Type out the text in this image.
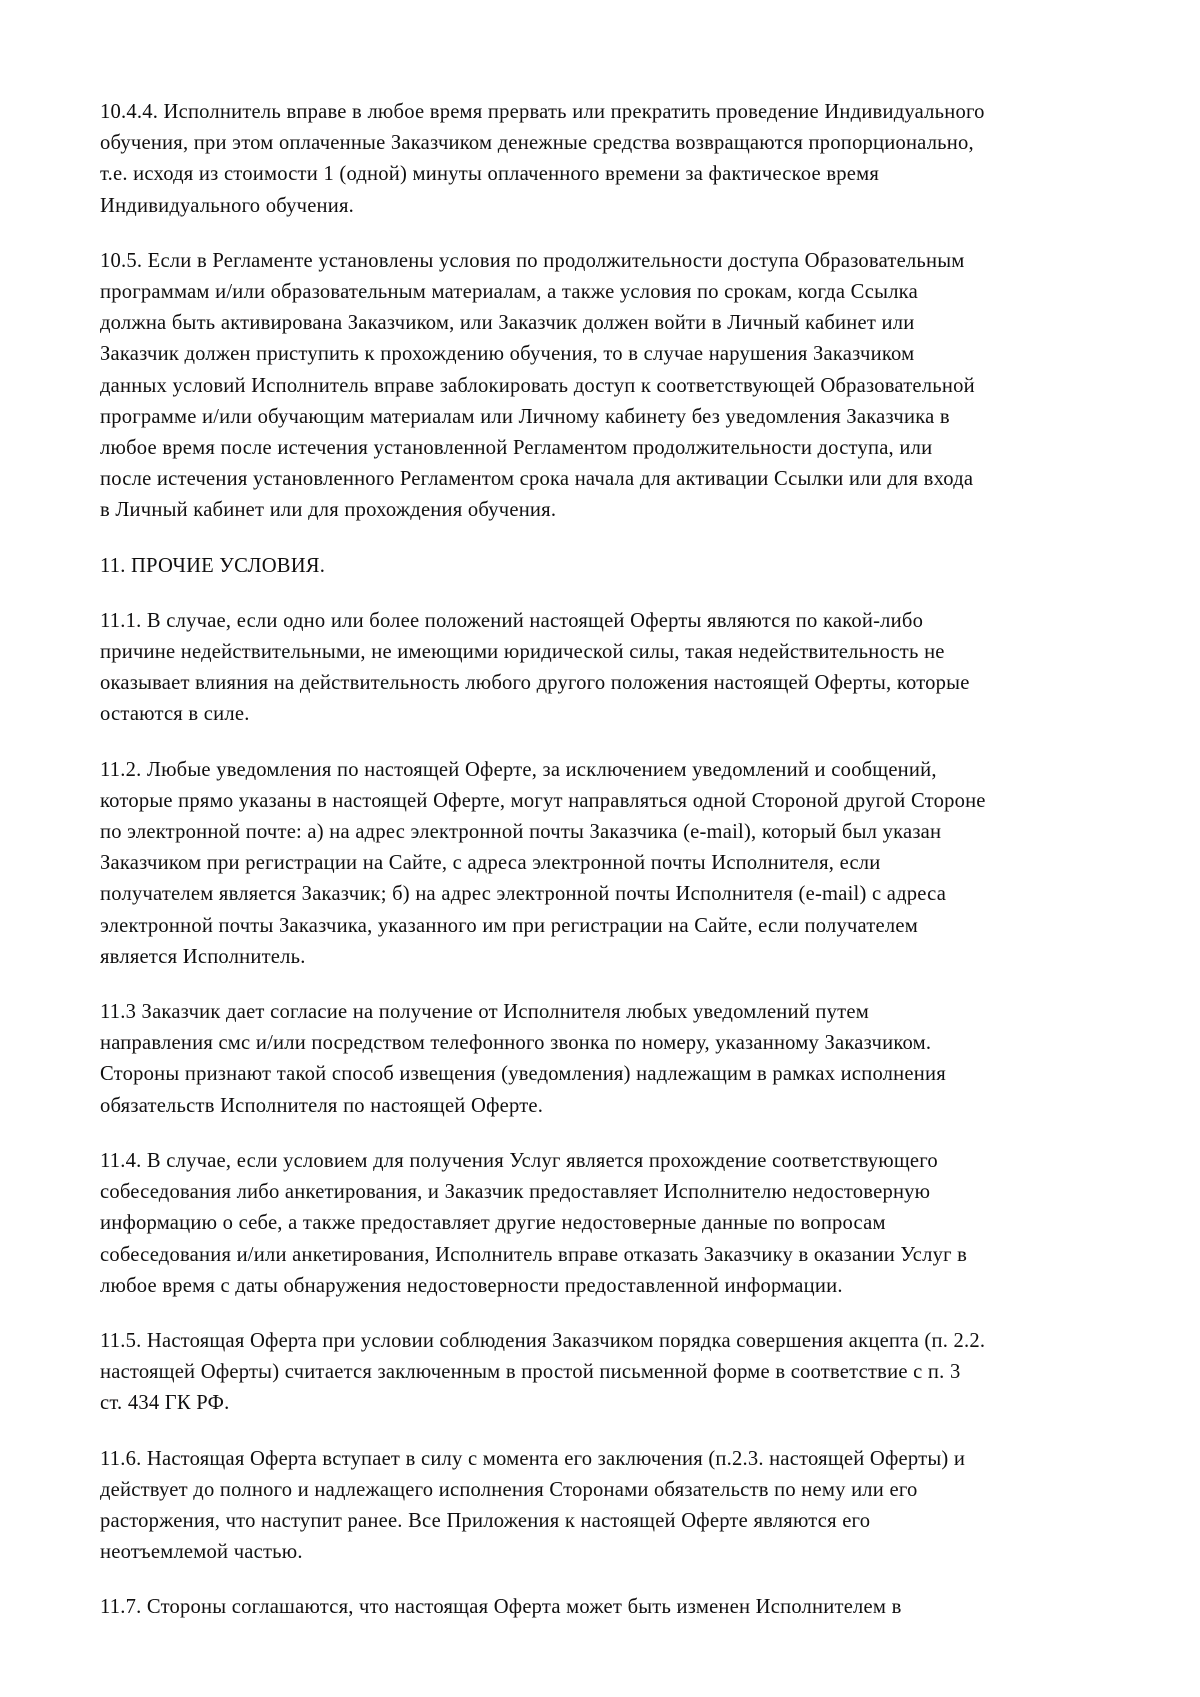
10.4.4. Исполнитель вправе в любое время прервать или прекратить проведение Индивидуального обучения, при этом оплаченные Заказчиком денежные средства возвращаются пропорционально, т.е. исходя из стоимости 1 (одной) минуты оплаченного времени за фактическое время Индивидуального обучения.

10.5. Если в Регламенте установлены условия по продолжительности доступа Образовательным программам и/или образовательным материалам, а также условия по срокам, когда Ссылка должна быть активирована Заказчиком, или Заказчик должен войти в Личный кабинет или Заказчик должен приступить к прохождению обучения, то в случае нарушения Заказчиком данных условий Исполнитель вправе заблокировать доступ к соответствующей Образовательной программе и/или обучающим материалам или Личному кабинету без уведомления Заказчика в любое время после истечения установленной Регламентом продолжительности доступа, или после истечения установленного Регламентом срока начала для активации Ссылки или для входа в Личный кабинет или для прохождения обучения.

11. ПРОЧИЕ УСЛОВИЯ.

11.1. В случае, если одно или более положений настоящей Оферты являются по какой-либо причине недействительными, не имеющими юридической силы, такая недействительность не оказывает влияния на действительность любого другого положения настоящей Оферты, которые остаются в силе.

11.2. Любые уведомления по настоящей Оферте, за исключением уведомлений и сообщений, которые прямо указаны в настоящей Оферте, могут направляться одной Стороной другой Стороне по электронной почте: а) на адрес электронной почты Заказчика (e-mail), который был указан Заказчиком при регистрации на Сайте, с адреса электронной почты Исполнителя, если получателем является Заказчик; б) на адрес электронной почты Исполнителя (e-mail) с адреса электронной почты Заказчика, указанного им при регистрации на Сайте, если получателем является Исполнитель.

11.3 Заказчик дает согласие на получение от Исполнителя любых уведомлений путем направления смс и/или посредством телефонного звонка по номеру, указанному Заказчиком. Стороны признают такой способ извещения (уведомления) надлежащим в рамках исполнения обязательств Исполнителя по настоящей Оферте.

11.4. В случае, если условием для получения Услуг является прохождение соответствующего собеседования либо анкетирования, и Заказчик предоставляет Исполнителю недостоверную информацию о себе, а также предоставляет другие недостоверные данные по вопросам собеседования и/или анкетирования, Исполнитель вправе отказать Заказчику в оказании Услуг в любое время с даты обнаружения недостоверности предоставленной информации.

11.5. Настоящая Оферта при условии соблюдения Заказчиком порядка совершения акцепта (п. 2.2. настоящей Оферты) считается заключенным в простой письменной форме в соответствие с п. 3 ст. 434 ГК РФ.

11.6. Настоящая Оферта вступает в силу с момента его заключения (п.2.3. настоящей Оферты) и действует до полного и надлежащего исполнения Сторонами обязательств по нему или его расторжения, что наступит ранее. Все Приложения к настоящей Оферте являются его неотъемлемой частью.

11.7. Стороны соглашаются, что настоящая Оферта может быть изменен Исполнителем в
